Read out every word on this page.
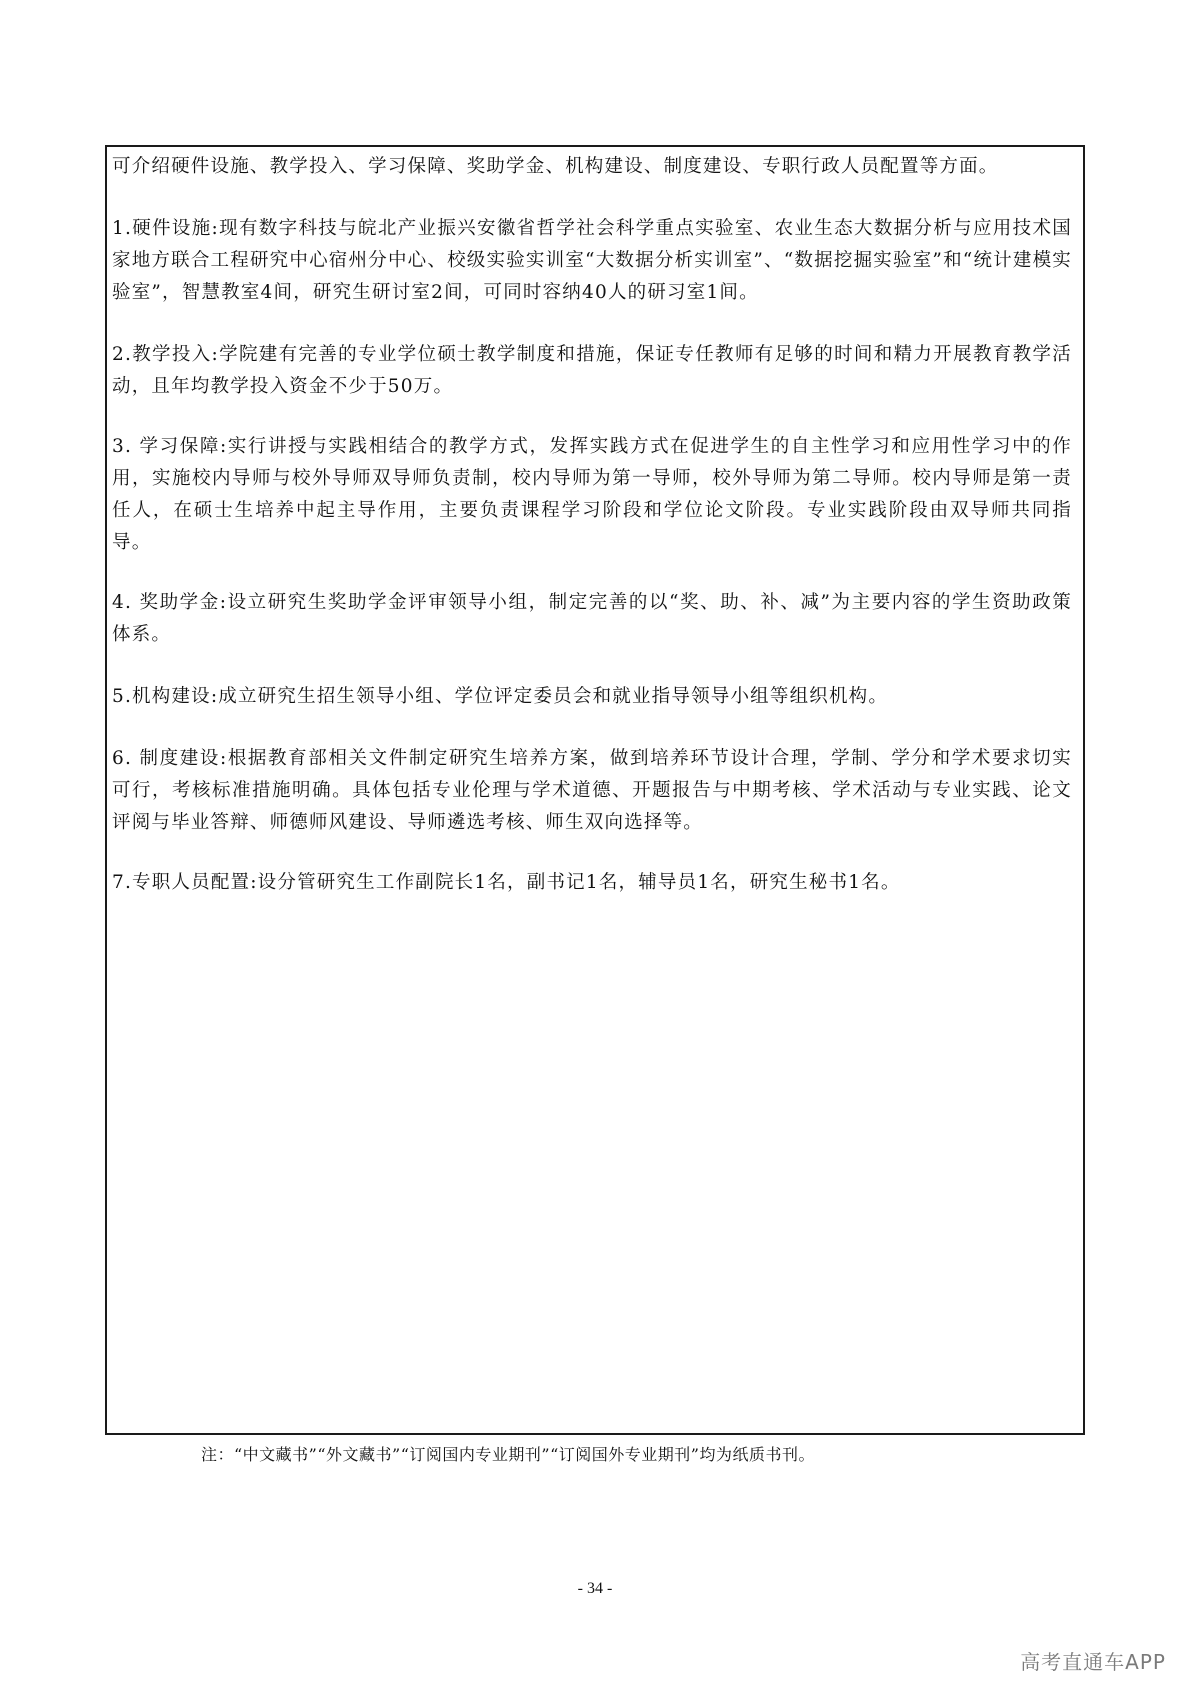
可介绍硬件设施、教学投入、学习保障、奖助学金、机构建设、制度建设、专职行政人员配置等方面。

1.硬件设施:现有数字科技与皖北产业振兴安徽省哲学社会科学重点实验室、农业生态大数据分析与应用技术国家地方联合工程研究中心宿州分中心、校级实验实训室“大数据分析实训室”、“数据挖掘实验室”和“统计建模实验室”，智慧教室4间，研究生研讨室2间，可同时容纳40人的研习室1间。

2.教学投入:学院建有完善的专业学位硕士教学制度和措施，保证专任教师有足够的时间和精力开展教育教学活动，且年均教学投入资金不少于50万。

3. 学习保障:实行讲授与实践相结合的教学方式，发挥实践方式在促进学生的自主性学习和应用性学习中的作用，实施校内导师与校外导师双导师负责制，校内导师为第一导师，校外导师为第二导师。校内导师是第一责任人，在硕士生培养中起主导作用，主要负责课程学习阶段和学位论文阶段。专业实践阶段由双导师共同指导。

4. 奖助学金:设立研究生奖助学金评审领导小组，制定完善的以“奖、助、补、减”为主要内容的学生资助政策体系。

5.机构建设:成立研究生招生领导小组、学位评定委员会和就业指导领导小组等组织机构。

6. 制度建设:根据教育部相关文件制定研究生培养方案，做到培养环节设计合理，学制、学分和学术要求切实可行，考核标准措施明确。具体包括专业伦理与学术道德、开题报告与中期考核、学术活动与专业实践、论文评阅与毕业答辩、师德师风建设、导师遴选考核、师生双向选择等。

7.专职人员配置:设分管研究生工作副院长1名，副书记1名，辅导员1名，研究生秘书1名。

注：“中文藏书”“外文藏书”“订阅国内专业期刊”“订阅国外专业期刊”均为纸质书刊。

- 34 -

高考直通车APP
